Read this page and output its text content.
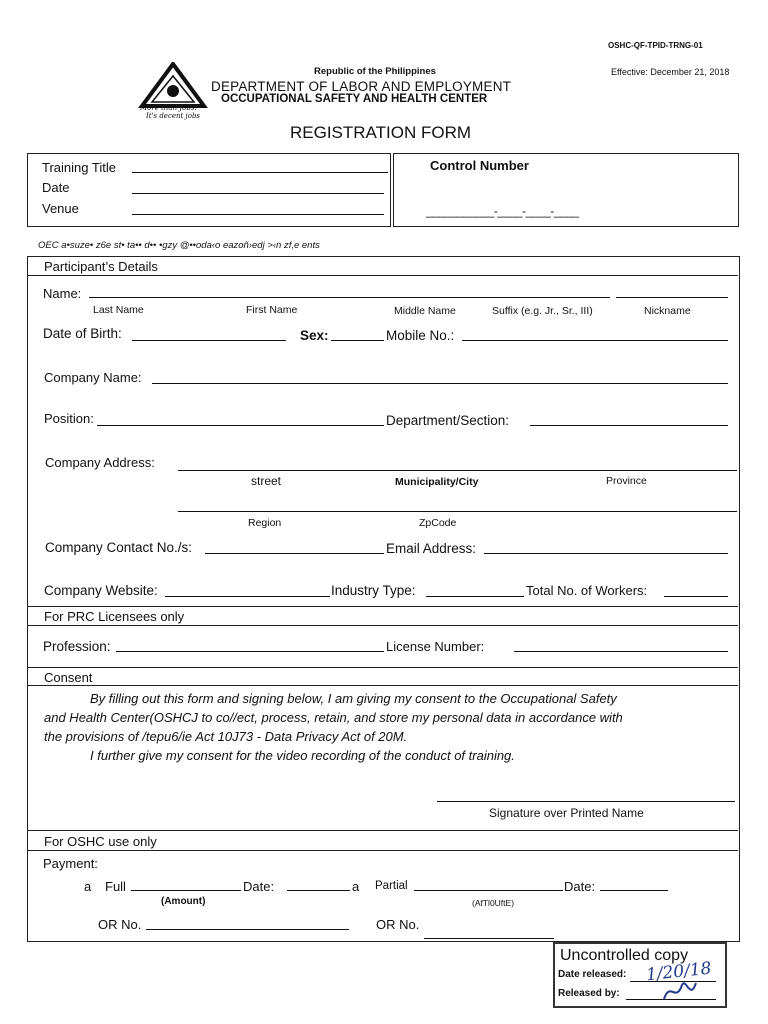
OSHC-QF-TPID-TRNG-01
Effective: December 21, 2018
More than Jobs!
It's decent jobs
Republic of the Philippines
DEPARTMENT OF LABOR AND EMPLOYMENT
OCCUPATIONAL SAFETY AND HEALTH CENTER
REGISTRATION FORM
Training Title
Date
Venue
Control Number
___________-____-____-____
OEC a•suze• z6e st• ta•• d•• •gzy @••oda‹o eazoñ›edj >‹n zf,e ents
Participant’s Details
Name:
Last Name	First Name	Middle Name	Suffix (e.g. Jr., Sr., III)	Nickname
Date of Birth:	Sex:	Mobile No.:
Company Name:
Position:	Department/Section:
Company Address:
street	Municipality/City	Province
Region	ZpCode
Company Contact No./s:	Email Address:
Company Website:	Industry Type:	Total No. of Workers:
For PRC Licensees only
Profession:	License Number:
Consent
By filling out this form and signing below, I am giving my consent to the Occupational Safety
and Health Center(OSHCJ to co//ect, process, retain, and store my personal data in accordance with
the provisions of /tepu6/ie Act 10J73 - Data Privacy Act of 20M.
I further give my consent for the video recording of the conduct of training.
Signature over Printed Name
For OSHC use only
Payment:
a Full	Date:	a Partial	Date:
(Amount)	(AfTl0UftE)
OR No.	OR No.
Uncontrolled copy
Date released:
Released by:
1/20/18
